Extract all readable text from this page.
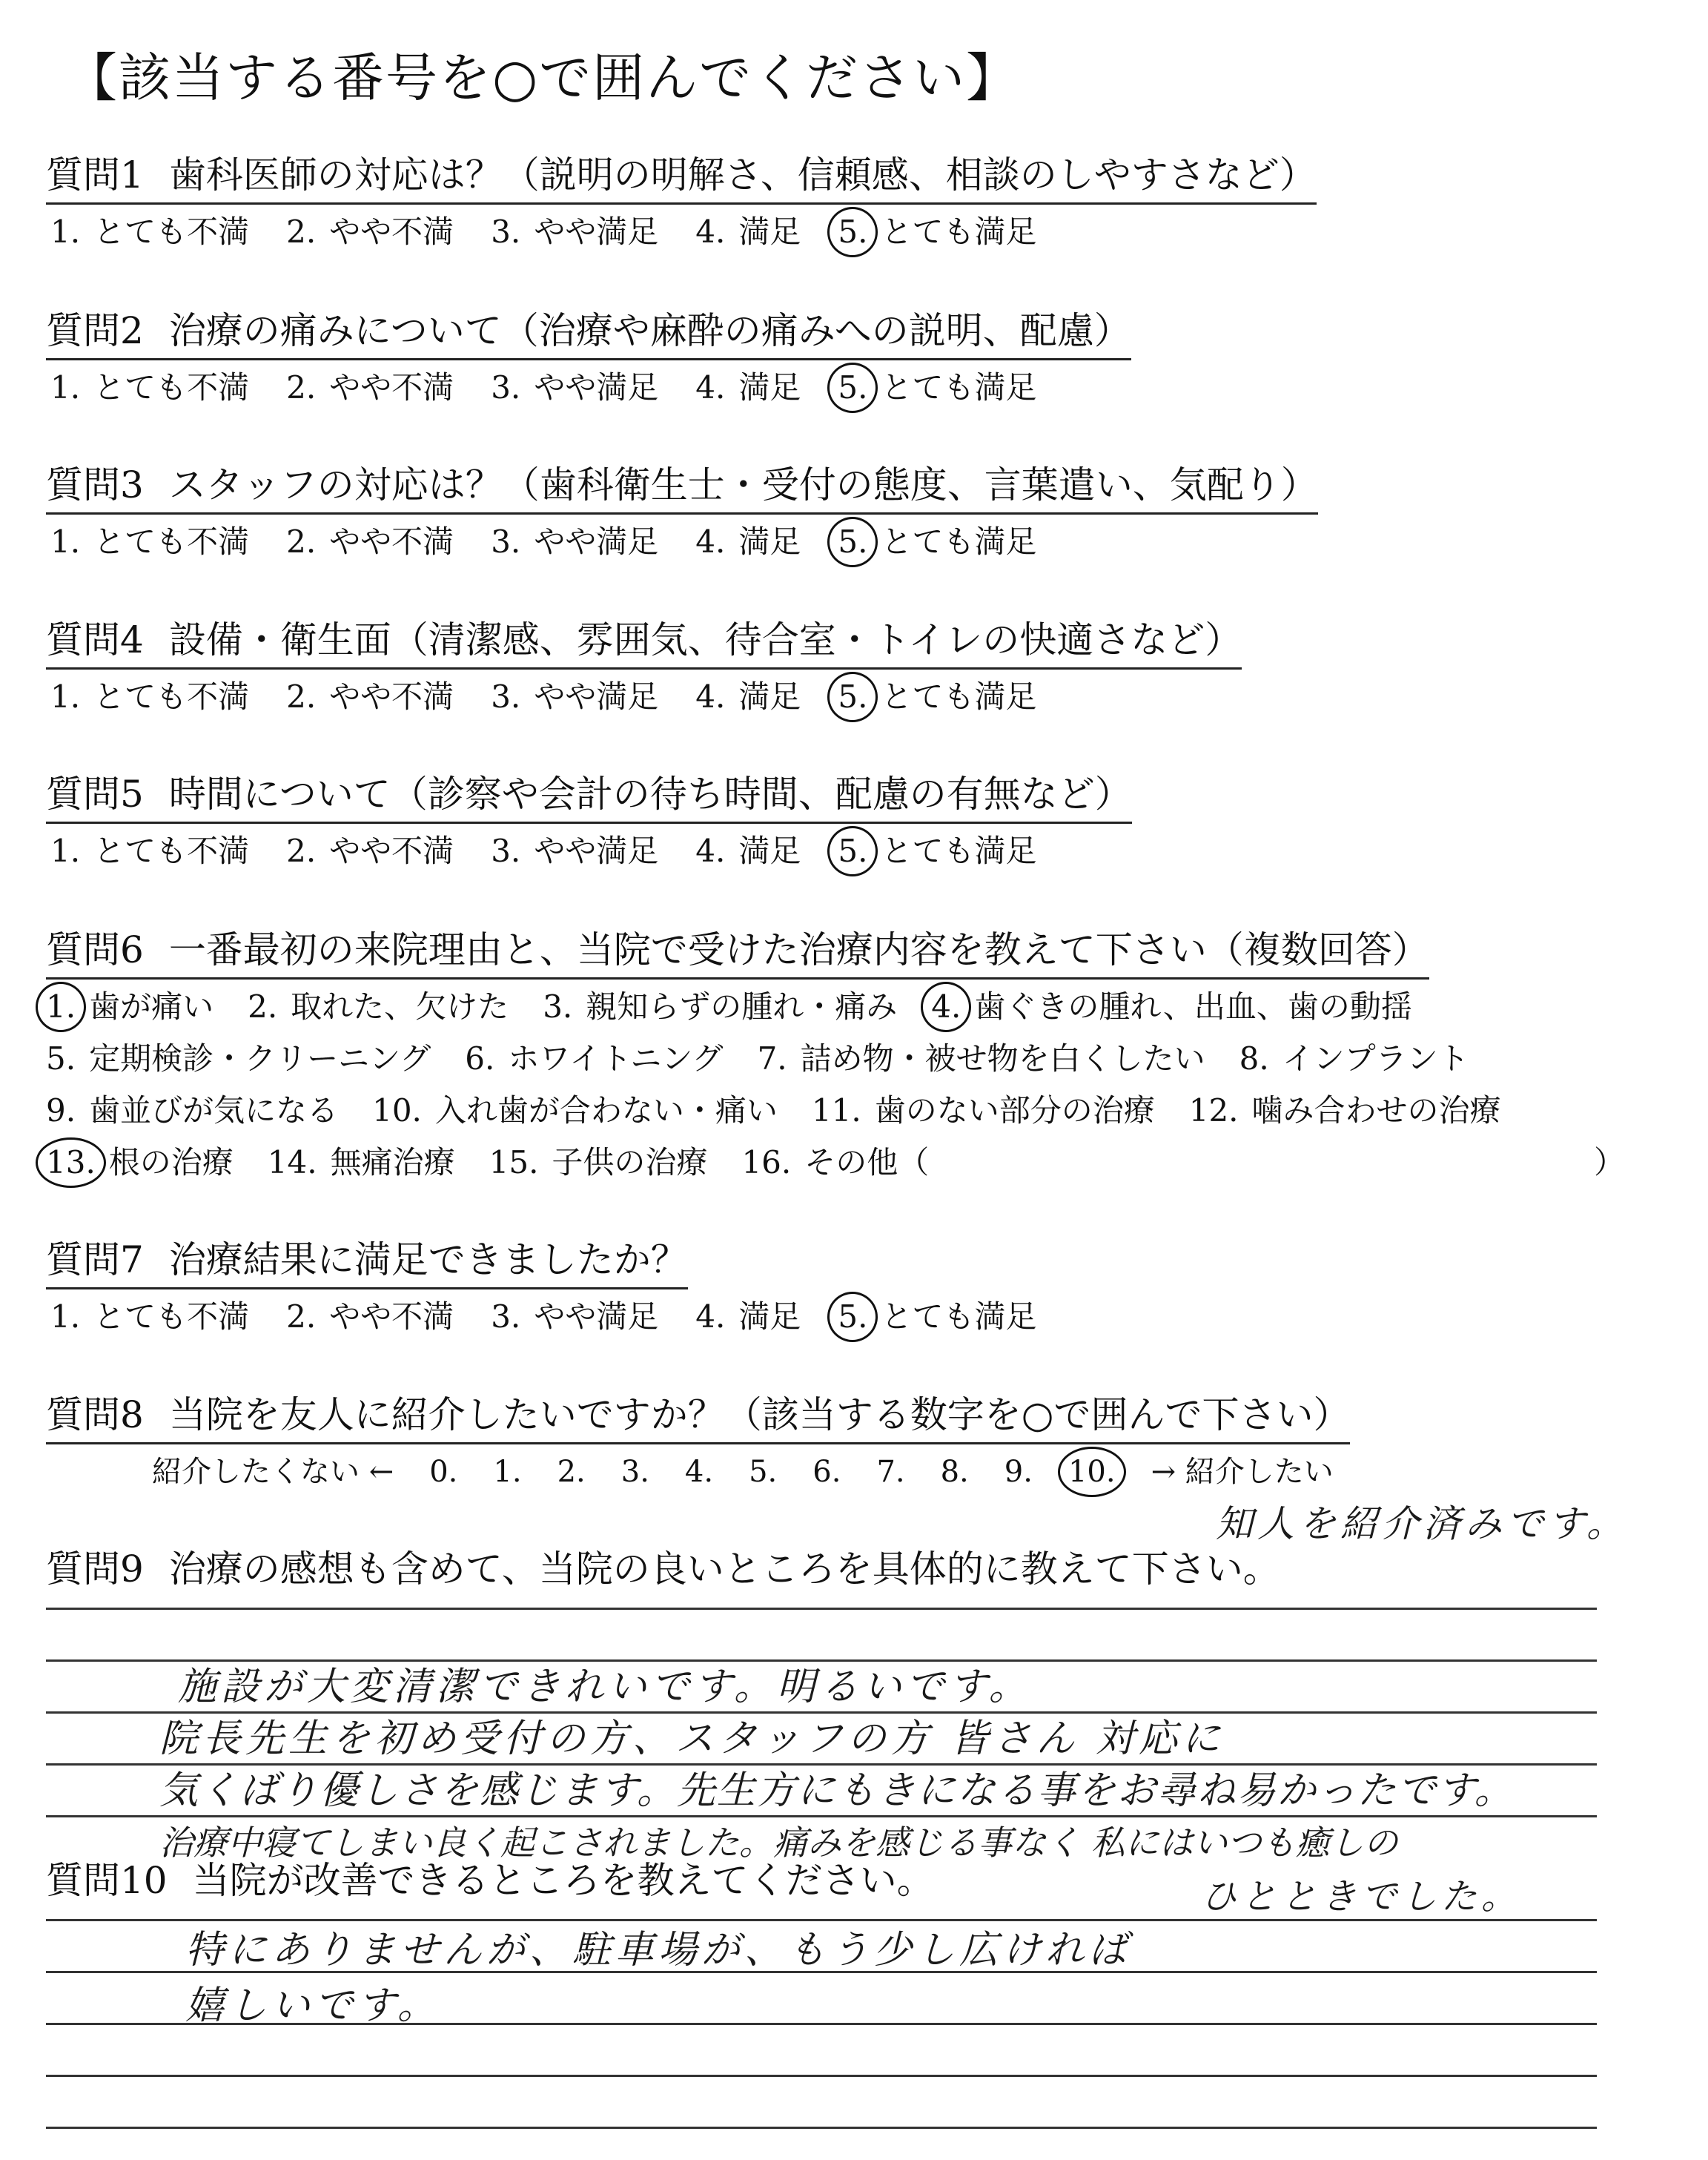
【該当する番号を○で囲んでください】
質問1 歯科医師の対応は？（説明の明解さ、信頼感、相談のしやすさなど）
1. とても不満 2. やや不満 3. やや満足 4. 満足 5. とても満足
質問2 治療の痛みについて（治療や麻酔の痛みへの説明、配慮）
1. とても不満 2. やや不満 3. やや満足 4. 満足 5. とても満足
質問3 スタッフの対応は？（歯科衛生士・受付の態度、言葉遣い、気配り）
1. とても不満 2. やや不満 3. やや満足 4. 満足 5. とても満足
質問4 設備・衛生面（清潔感、雰囲気、待合室・トイレの快適さなど）
1. とても不満 2. やや不満 3. やや満足 4. 満足 5. とても満足
質問5 時間について（診察や会計の待ち時間、配慮の有無など）
1. とても不満 2. やや不満 3. やや満足 4. 満足 5. とても満足
質問6 一番最初の来院理由と、当院で受けた治療内容を教えて下さい（複数回答）
1. 歯が痛い 2. 取れた、欠けた 3. 親知らずの腫れ・痛み 4. 歯ぐきの腫れ、出血、歯の動揺
5. 定期検診・クリーニング 6. ホワイトニング 7. 詰め物・被せ物を白くしたい 8. インプラント
9. 歯並びが気になる 10. 入れ歯が合わない・痛い 11. 歯のない部分の治療 12. 噛み合わせの治療
13. 根の治療 14. 無痛治療 15. 子供の治療 16. その他（	）
質問7 治療結果に満足できましたか？
1. とても不満 2. やや不満 3. やや満足 4. 満足 5. とても満足
質問8 当院を友人に紹介したいですか？（該当する数字を○で囲んで下さい）
紹介したくない ← 0. 1. 2. 3. 4. 5. 6. 7. 8. 9. 10. → 紹介したい
知人を紹介済みです。
質問9 治療の感想も含めて、当院の良いところを具体的に教えて下さい。
施設が大変清潔できれいです。明るいです。
院長先生を初め受付の方、スタッフの方 皆さん 対応に
気くばり優しさを感じます。先生方にもきになる事をお尋ね易かったです。
治療中寝てしまい良く起こされました。痛みを感じる事なく 私にはいつも癒しの
ひとときでした。
質問10 当院が改善できるところを教えてください。
特にありませんが、駐車場が、もう少し広ければ
嬉しいです。
